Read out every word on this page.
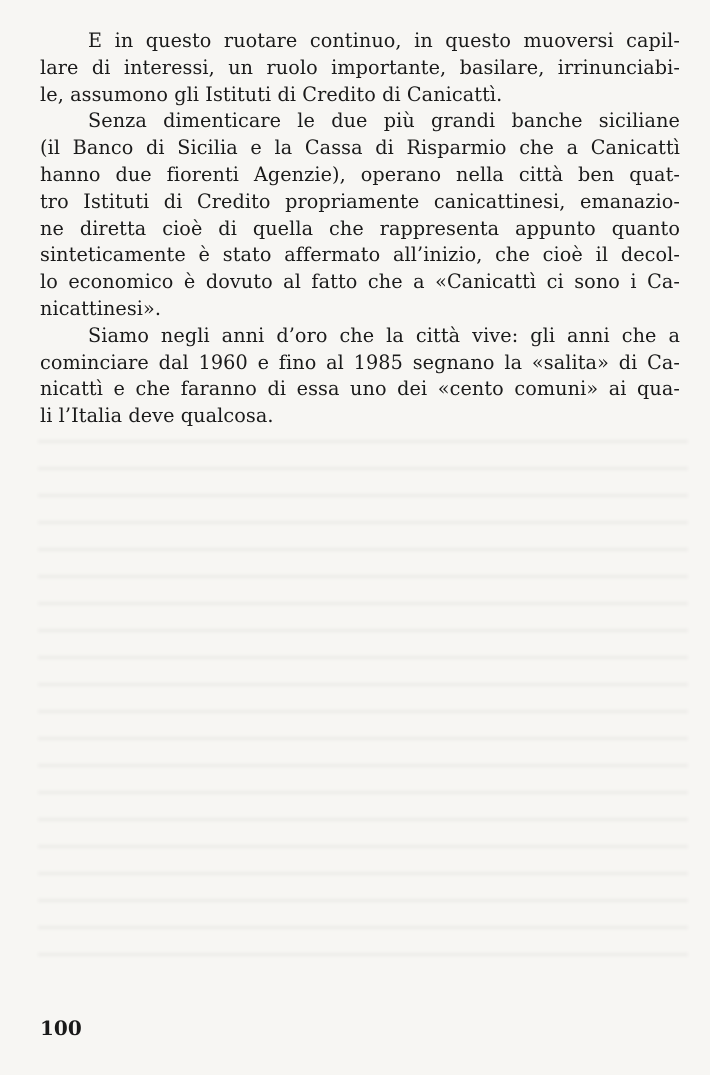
E in questo ruotare continuo, in questo muoversi capil-
lare di interessi, un ruolo importante, basilare, irrinunciabi-
le, assumono gli Istituti di Credito di Canicattì.
Senza dimenticare le due più grandi banche siciliane
(il Banco di Sicilia e la Cassa di Risparmio che a Canicattì
hanno due fiorenti Agenzie), operano nella città ben quat-
tro Istituti di Credito propriamente canicattinesi, emanazio-
ne diretta cioè di quella che rappresenta appunto quanto
sinteticamente è stato affermato all’inizio, che cioè il decol-
lo economico è dovuto al fatto che a «Canicattì ci sono i Ca-
nicattinesi».
Siamo negli anni d’oro che la città vive: gli anni che a
cominciare dal 1960 e fino al 1985 segnano la «salita» di Ca-
nicattì e che faranno di essa uno dei «cento comuni» ai qua-
li l’Italia deve qualcosa.
100
